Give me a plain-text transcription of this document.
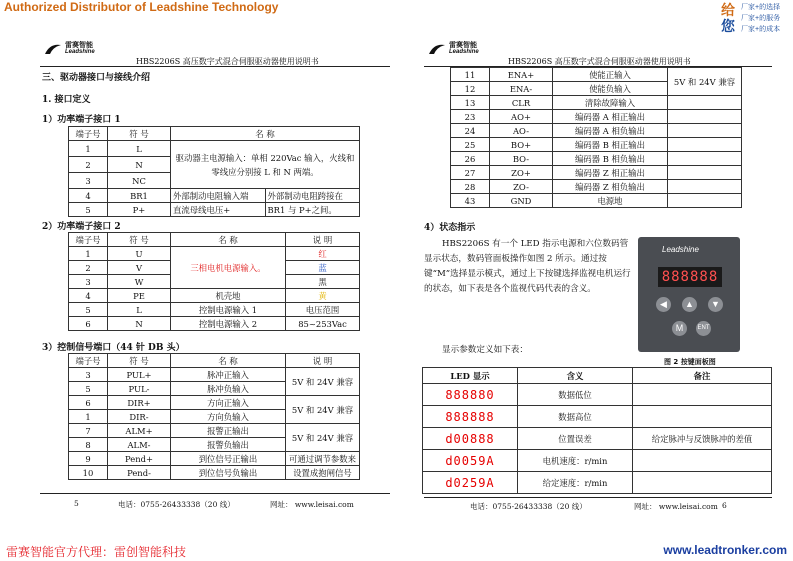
Authorized Distributor of Leadshine Technology	给
您
厂家+的选择
厂家+的服务
厂家+的成本
雷赛智能
Leadshine
HBS2206S 高压数字式混合伺服驱动器使用说明书
三、驱动器接口与接线介绍
1. 接口定义
1）功率端子接口 1
端子号	符 号	名 称	
1	L	驱动器主电源输入：单相 220Vac 输入，火线和零线应分别接 L 和 N 两端。	
2	N		
3	NC		
4	BR1	外部制动电阻输入端	外部制动电阻跨接在
5	P+	直流母线电压+	BR1 与 P+之间。
2）功率端子接口 2
端子号	符 号	名 称	说 明
1	U	三相电机电源输入。	红
2	V		蓝
3	W		黑
4	PE	机壳地	黄
5	L	控制电源输入 1	电压范围
6	N	控制电源输入 2	85~253Vac
3）控制信号端口（44 针 DB 头）
端子号	符 号	名 称	说 明
3	PUL+	脉冲正输入	5V 和 24V 兼容
5	PUL-	脉冲负输入	
6	DIR+	方向正输入	5V 和 24V 兼容
1	DIR-	方向负输入	
7	ALM+	报警正输出	5V 和 24V 兼容
8	ALM-	报警负输出	
9	Pend+	到位信号正输出	可通过调节参数来
10	Pend-	到位信号负输出	设置成抱闸信号
5	电话：0755-26433338（20 线）	网址： www.leisai.com
雷赛智能
Leadshine
HBS2206S 高压数字式混合伺服驱动器使用说明书
11	ENA+	使能正输入	5V 和 24V 兼容
12	ENA-	使能负输入	
13	CLR	清除故障输入	
23	AO+	编码器 A 相正输出	
24	AO-	编码器 A 相负输出	
25	BO+	编码器 B 相正输出	
26	BO-	编码器 B 相负输出	
27	ZO+	编码器 Z 相正输出	
28	ZO-	编码器 Z 相负输出	
43	GND	电源地	
4）状态指示
HBS2206S 有一个 LED 指示电源和六位数码管显示状态，数码管面板操作如图 2 所示。通过按键“M”选择显示模式，通过上下按键选择监视电机运行的状态，如下表是各个监视代码代表的含义。
Leadshine
888888
◀	▲	▼
M	ENT
图 2 按键面板图
显示参数定义如下表：
LED 显示	含义	备注
888880	数据低位	
888888	数据高位	
d00888	位置误差	给定脉冲与反馈脉冲的差值
d0059A	电机速度：r/min	
d0259A	给定速度：r/min	
电话：0755-26433338（20 线）	网址： www.leisai.com 6
雷赛智能官方代理：雷创智能科技	www.leadtronker.com
